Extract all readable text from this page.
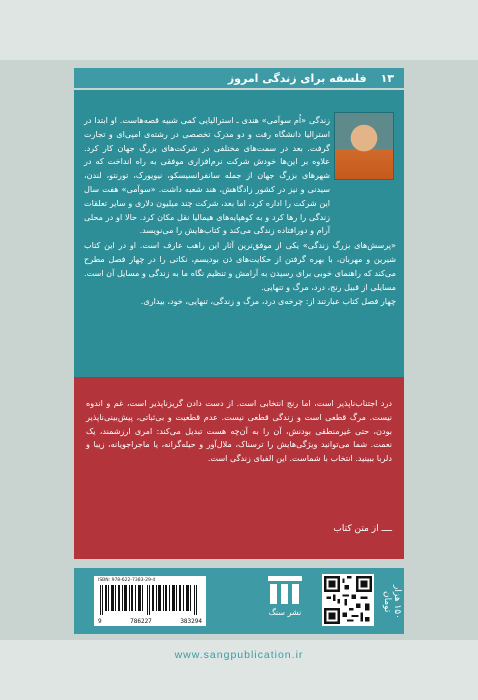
۱۳
فلسفه برای زندگی امروز

زندگی «اُم سوآمی» هندی ـ استرالیایی کمی شبیه قصه‌هاست. او ابتدا در استرالیا دانشگاه رفت و دو مدرک تخصصی در رشته‌ی امپی‌ای و تجارت گرفت. بعد در سمت‌های مختلفی در شرکت‌های بزرگ جهان کار کرد. علاوه بر این‌ها خودش شرکت نرم‌افزاری موفقی به راه انداخت که در شهرهای بزرگ جهان از جمله سانفرانسیسکو، نیویورک، تورنتو، لندن، سیدنی و نیز در کشور زادگاهش، هند شعبه داشت. «سوآمی» هفت سال این شرکت را اداره کرد، اما بعد، شرکت چند میلیون دلاری و سایر تعلقات زندگی را رها کرد و به کوهپایه‌های هیمالیا نقل مکان کرد. حالا او در محلی آرام و دورافتاده زندگی می‌کند و کتاب‌هایش را می‌نویسد.

«پرسش‌های بزرگ زندگی» یکی از موفق‌ترین آثار این راهب عارف است. او در این کتاب شیرین و مهربان، با بهره گرفتن از حکایت‌های ذن بودیسم، نکاتی را در چهار فصل مطرح می‌کند که راهنمای خوبی برای رسیدن به آرامش و تنظیم نگاه ما به زندگی و مسایل آن است. مسایلی از قبیل رنج، درد، مرگ و تنهایی.

چهار فصل کتاب عبارتند از: چرخه‌ی درد، مرگ و زندگی، تنهایی، خود، بیداری.

درد اجتناب‌ناپذیر است، اما رنج انتخابی است. از دست دادن گریزناپذیر است، غم و اندوه نیست. مرگ قطعی است و زندگی قطعی نیست. عدم قطعیت و بی‌ثباتی، پیش‌بینی‌ناپذیر بودن، حتی غیرمنطقی بودنش، آن را به آن‌چه هست تبدیل می‌کند: امری ارزشمند، یک نعمت. شما می‌توانید ویژگی‌هایش را ترسناک، ملال‌آور و حیله‌گرانه، یا ماجراجویانه، زیبا و دلربا ببینید. انتخاب با شماست. این الفبای زندگی است.
ــــ از متن کتاب
۱۵۰ هزار تومان
نشر سنگ
ISBN: 978-622-7383-29-4
9	786227	383294
www.sangpublication.ir
